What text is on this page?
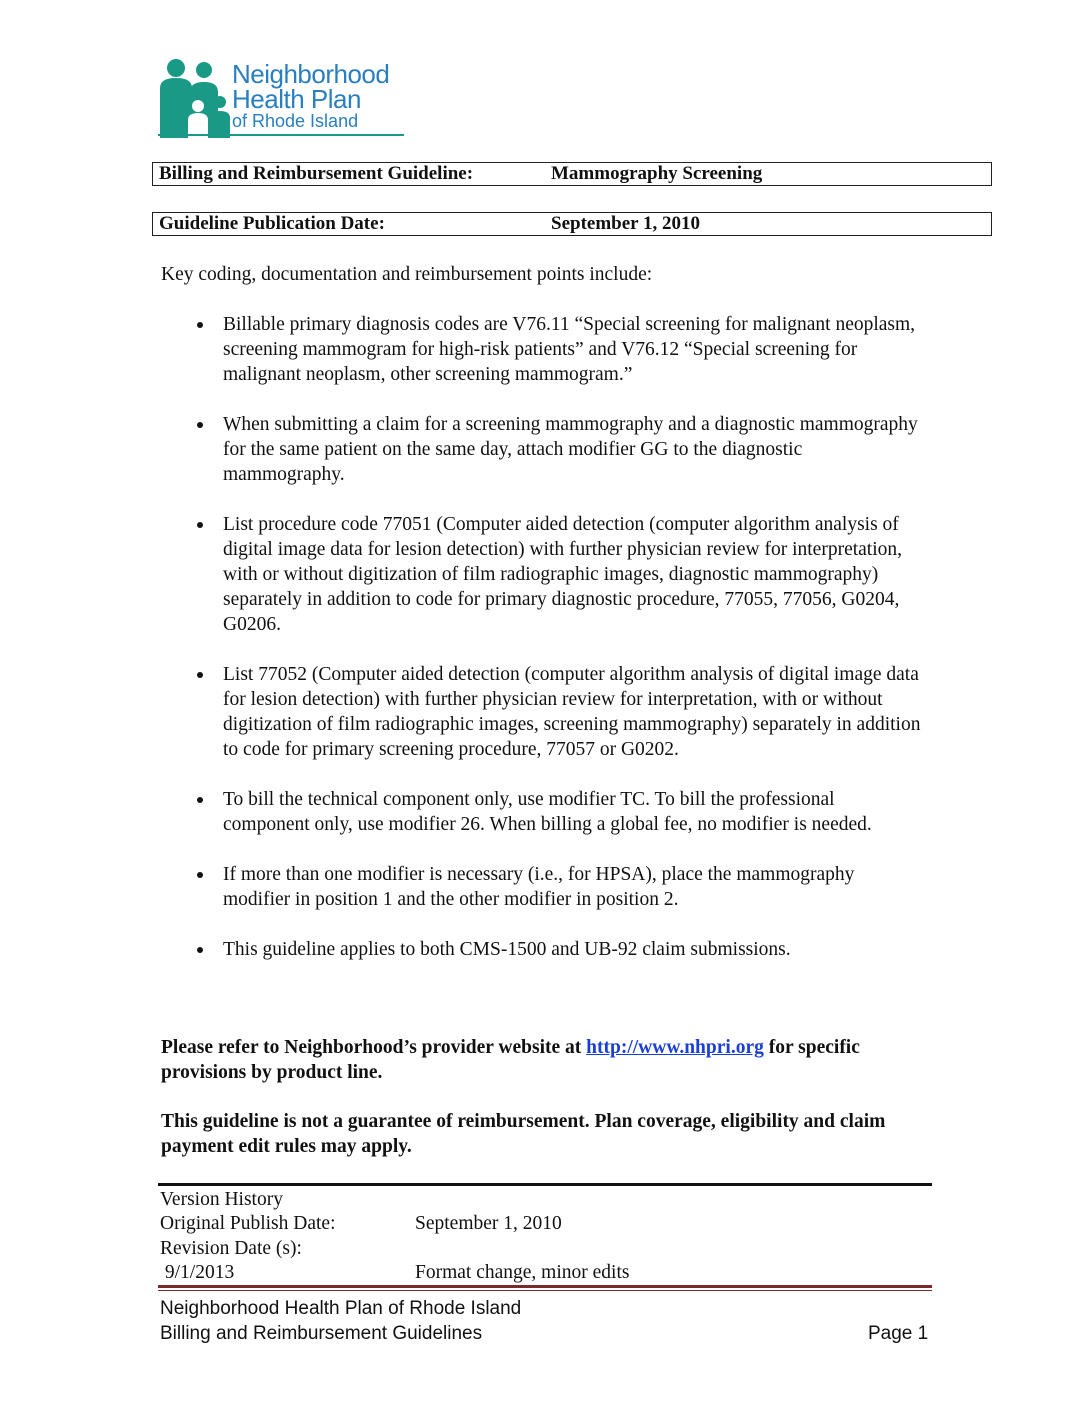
Neighborhood
Health Plan
of Rhode Island
Billing and Reimbursement Guideline:	Mammography Screening
Guideline Publication Date:	September 1, 2010
Key coding, documentation and reimbursement points include:
Billable primary diagnosis codes are V76.11 “Special screening for malignant neoplasm, screening mammogram for high-risk patients” and V76.12 “Special screening for malignant neoplasm, other screening mammogram.”
When submitting a claim for a screening mammography and a diagnostic mammography for the same patient on the same day, attach modifier GG to the diagnostic mammography.
List procedure code 77051 (Computer aided detection (computer algorithm analysis of digital image data for lesion detection) with further physician review for interpretation, with or without digitization of film radiographic images, diagnostic mammography) separately in addition to code for primary diagnostic procedure, 77055, 77056, G0204, G0206.
List 77052 (Computer aided detection (computer algorithm analysis of digital image data for lesion detection) with further physician review for interpretation, with or without digitization of film radiographic images, screening mammography) separately in addition to code for primary screening procedure, 77057 or G0202.
To bill the technical component only, use modifier TC. To bill the professional component only, use modifier 26. When billing a global fee, no modifier is needed.
If more than one modifier is necessary (i.e., for HPSA), place the mammography modifier in position 1 and the other modifier in position 2.
This guideline applies to both CMS-1500 and UB-92 claim submissions.
Please refer to Neighborhood’s provider website at http://www.nhpri.org for specific provisions by product line.
This guideline is not a guarantee of reimbursement. Plan coverage, eligibility and claim payment edit rules may apply.
Version History
Original Publish Date:	September 1, 2010
Revision Date (s):
9/1/2013	Format change, minor edits
Neighborhood Health Plan of Rhode Island
Billing and Reimbursement Guidelines	Page 1
